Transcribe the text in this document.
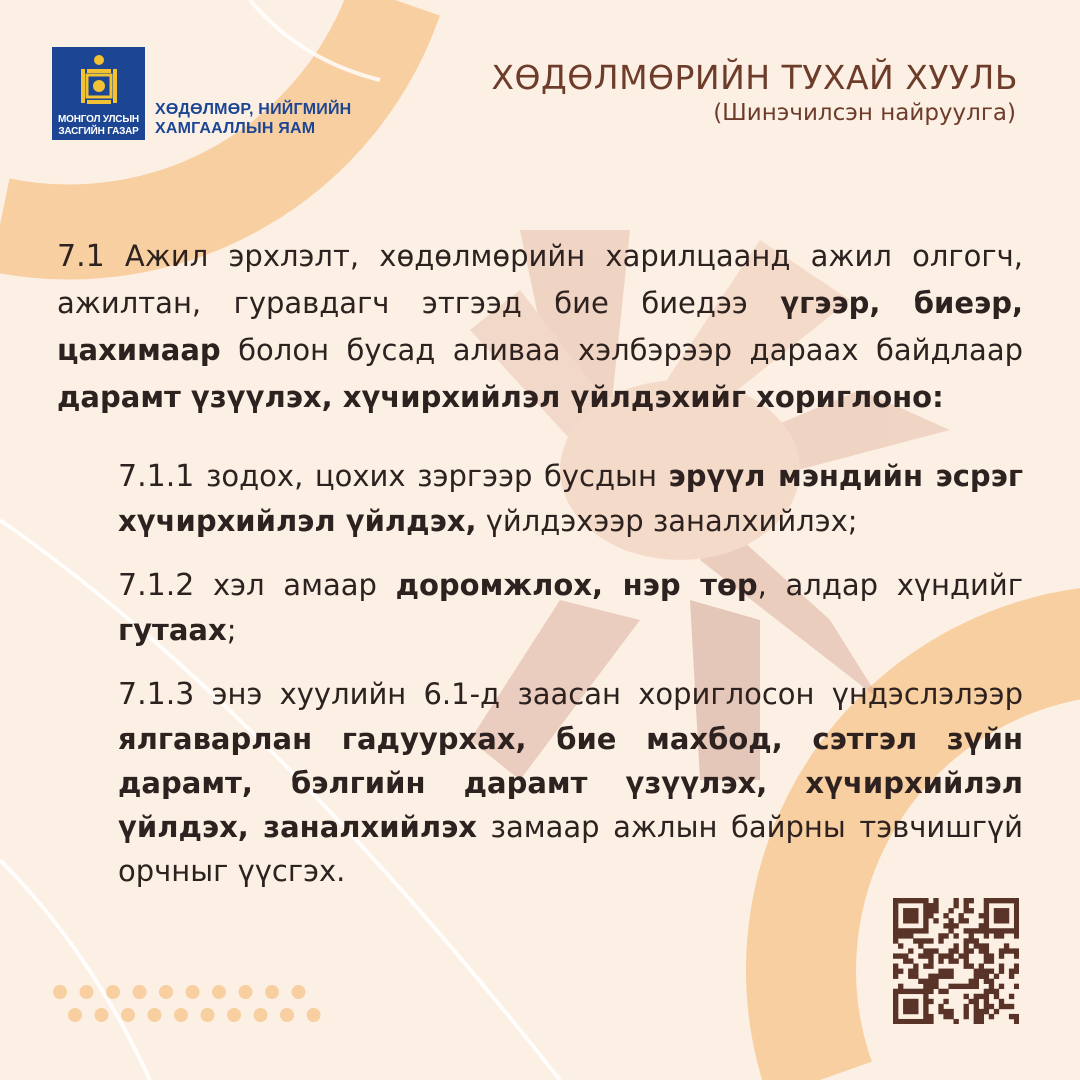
МОНГОЛ УЛСЫН
ЗАСГИЙН ГАЗАР
ХӨДӨЛМӨР, НИЙГМИЙН
ХАМГААЛЛЫН ЯАМ
ХӨДӨЛМӨРИЙН ТУХАЙ ХУУЛЬ
(Шинэчилсэн найруулга)

7.1 Ажил эрхлэлт, хөдөлмөрийн харилцаанд ажил олгогч, ажилтан, гуравдагч этгээд бие биедээ үгээр, биеэр, цахимаар болон бусад аливаа хэлбэрээр дараах байдлаар дарамт үзүүлэх, хүчирхийлэл үйлдэхийг хориглоно:

7.1.1 зодох, цохих зэргээр бусдын эрүүл мэндийн эсрэг хүчирхийлэл үйлдэх, үйлдэхээр заналхийлэх;

7.1.2 хэл амаар доромжлох, нэр төр, алдар хүндийг гутаах;

7.1.3 энэ хуулийн 6.1-д заасан хориглосон үндэслэлээр ялгаварлан гадуурхах, бие махбод, сэтгэл зүйн дарамт, бэлгийн дарамт үзүүлэх, хүчирхийлэл үйлдэх, заналхийлэх замаар ажлын байрны тэвчишгүй орчныг үүсгэх.
